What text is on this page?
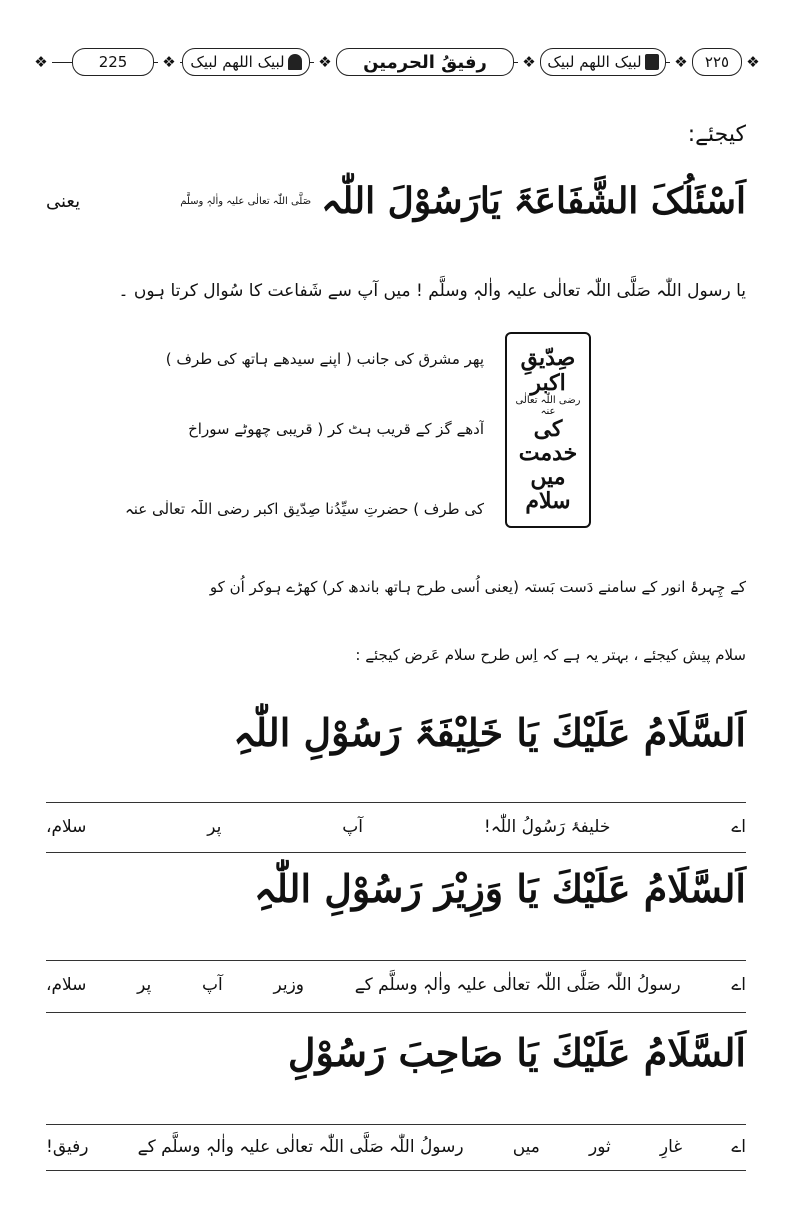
❖	225 ❖ لبیک اللھم لبیک ❖ رفیقُ الحرمین ❖ لبیک اللھم لبیک ❖ ٢٢٥ ❖
کیجئے:
اَسْئَلُکَ الشَّفَاعَۃَ یَارَسُوْلَ اللّٰہ
صَلَّی اللّٰہ تعالٰی علیہ واٰلہٖ وسلَّم
یعنی
یا رسول اللّٰہ صَلَّی اللّٰہ تعالٰی علیہ واٰلہٖ وسلَّم ! میں آپ سے شَفاعت کا سُوال کرتا ہوں ۔
صِدّیقِ اکبر
رضی اللّٰہ تعالٰی عنہ
کی خدمت میں
سلام
پھر مشرِق کی جانب ( اپنے سیدھے ہاتھ کی طرف )
آدھے گز کے قریب ہٹ کر ( قریبی چھوٹے سوراخ
کی طرف ) حضرتِ سیِّدُنا صِدّیقِ اکبر رضی اللّٰہ تعالٰی عنہ
کے چِہرۂ انور کے سامنے دَست بَستہ (یعنی اُسی طرح ہاتھ باندھ کر) کھڑے ہوکر اُن کو
سلام پیش کیجئے ، بہتر یہ ہے کہ اِس طرح سلام عَرض کیجئے :
اَلسَّلَامُ عَلَیْكَ یَا خَلِیْفَۃَ رَسُوْلِ اللّٰہِ
اے
خلیفۂ رَسُولُ اللّٰہ!
آپ
پر
سلام،
اَلسَّلَامُ عَلَیْكَ یَا وَزِیْرَ رَسُوْلِ اللّٰہِ
اے
رسولُ اللّٰہ صَلَّی اللّٰہ تعالٰی علیہ واٰلہٖ وسلَّم کے
وزیر
آپ
پر
سلام،
اَلسَّلَامُ عَلَیْكَ یَا صَاحِبَ رَسُوْلِ
اے
غارِ
ثور
میں
رسولُ اللّٰہ صَلَّی اللّٰہ تعالٰی علیہ واٰلہٖ وسلَّم کے
رفیق!
